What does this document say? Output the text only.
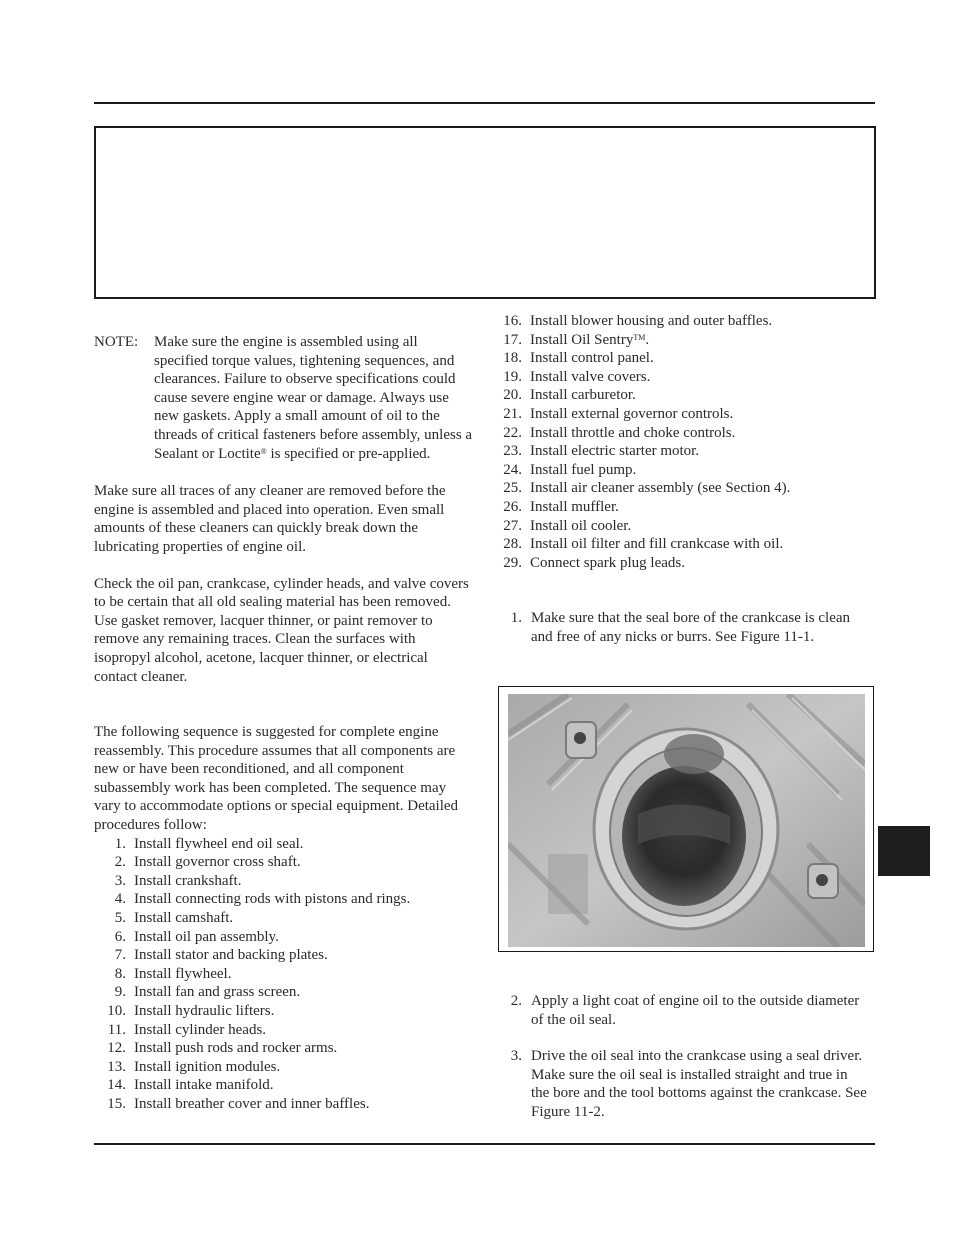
NOTE:	Make sure the engine is assembled using all specified torque values, tightening sequences, and clearances. Failure to observe specifications could cause severe engine wear or damage. Always use new gaskets. Apply a small amount of oil to the threads of critical fasteners before assembly, unless a Sealant or Loctite® is specified or pre-applied.

Make sure all traces of any cleaner are removed before the engine is assembled and placed into operation. Even small amounts of these cleaners can quickly break down the lubricating properties of engine oil.

Check the oil pan, crankcase, cylinder heads, and valve covers to be certain that all old sealing material has been removed. Use gasket remover, lacquer thinner, or paint remover to remove any remaining traces. Clean the surfaces with isopropyl alcohol, acetone, lacquer thinner, or electrical contact cleaner.

The following sequence is suggested for complete engine reassembly. This procedure assumes that all components are new or have been reconditioned, and all component subassembly work has been completed. The sequence may vary to accommodate options or special equipment. Detailed procedures follow:

1. Install flywheel end oil seal.
2. Install governor cross shaft.
3. Install crankshaft.
4. Install connecting rods with pistons and rings.
5. Install camshaft.
6. Install oil pan assembly.
7. Install stator and backing plates.
8. Install flywheel.
9. Install fan and grass screen.
10. Install hydraulic lifters.
11. Install cylinder heads.
12. Install push rods and rocker arms.
13. Install ignition modules.
14. Install intake manifold.
15. Install breather cover and inner baffles.
16. Install blower housing and outer baffles.
17. Install Oil Sentry™.
18. Install control panel.
19. Install valve covers.
20. Install carburetor.
21. Install external governor controls.
22. Install throttle and choke controls.
23. Install electric starter motor.
24. Install fuel pump.
25. Install air cleaner assembly (see Section 4).
26. Install muffler.
27. Install oil cooler.
28. Install oil filter and fill crankcase with oil.
29. Connect spark plug leads.
1. Make sure that the seal bore of the crankcase is clean and free of any nicks or burrs. See Figure 11-1.
2. Apply a light coat of engine oil to the outside diameter of the oil seal.
3. Drive the oil seal into the crankcase using a seal driver. Make sure the oil seal is installed straight and true in the bore and the tool bottoms against the crankcase. See Figure 11-2.
